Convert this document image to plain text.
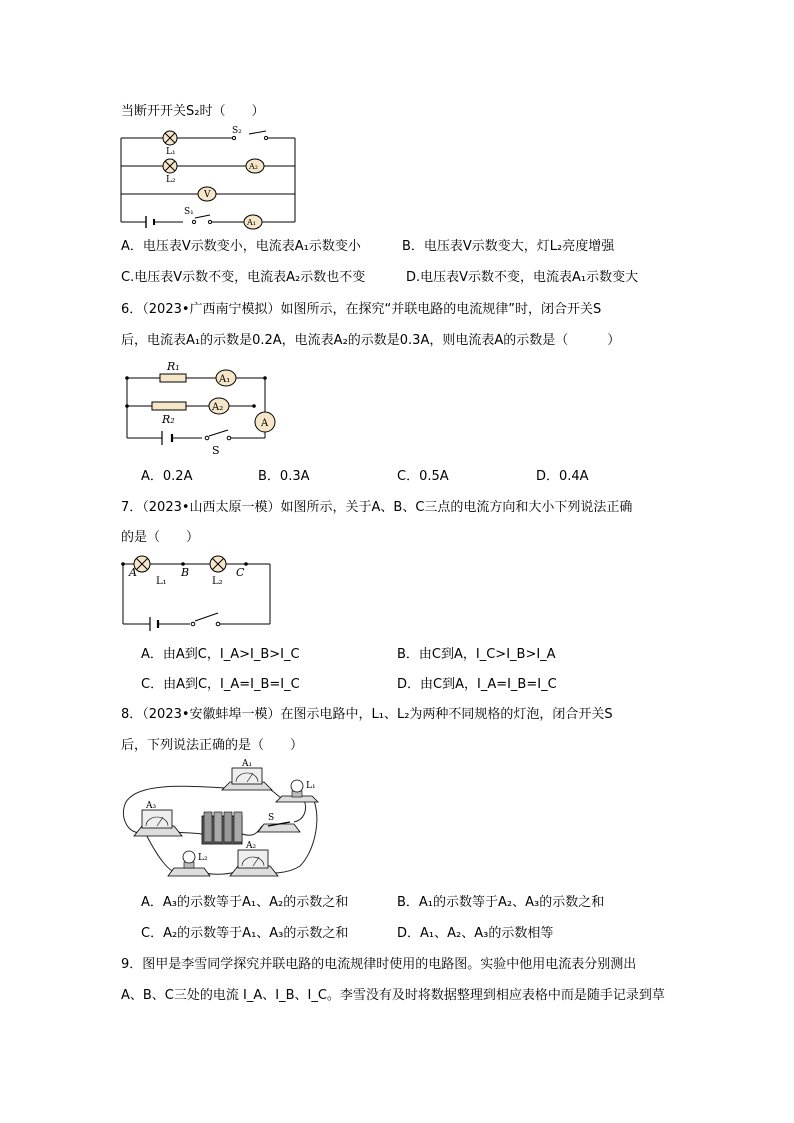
当断开开关S₂时（　　）
S₂
L₁
L₂
A₂
V
S₁
A₁
A．电压表V示数变小，电流表A₁示数变小	B．电压表V示数变大，灯L₂亮度增强
C.电压表V示数不变，电流表A₂示数也不变	D.电压表V示数不变，电流表A₁示数变大
6．（2023•广西南宁模拟）如图所示，在探究“并联电路的电流规律”时，闭合开关S
后，电流表A₁的示数是0.2A，电流表A₂的示数是0.3A，则电流表A的示数是（　　　）
R₁
R₂
A₁
A₂
A
S
A．0.2A	B．0.3A	C．0.5A	D．0.4A
7．（2023•山西太原一模）如图所示，关于A、B、C三点的电流方向和大小下列说法正确
的是（　　）
A	B	C
L₁	L₂
A．由A到C，I_A>I_B>I_C	B．由C到A，I_C>I_B>I_A
C．由A到C，I_A=I_B=I_C	D．由C到A，I_A=I_B=I_C
8．（2023•安徽蚌埠一模）在图示电路中，L₁、L₂为两种不同规格的灯泡，闭合开关S
后，下列说法正确的是（　　）
A₁
L₁
A₃
S
L₂
A₂
A．A₃的示数等于A₁、A₂的示数之和	B．A₁的示数等于A₂、A₃的示数之和
C．A₂的示数等于A₁、A₃的示数之和	D．A₁、A₂、A₃的示数相等
9．图甲是李雪同学探究并联电路的电流规律时使用的电路图。实验中他用电流表分别测出
A、B、C三处的电流 I_A、I_B、I_C。李雪没有及时将数据整理到相应表格中而是随手记录到草
